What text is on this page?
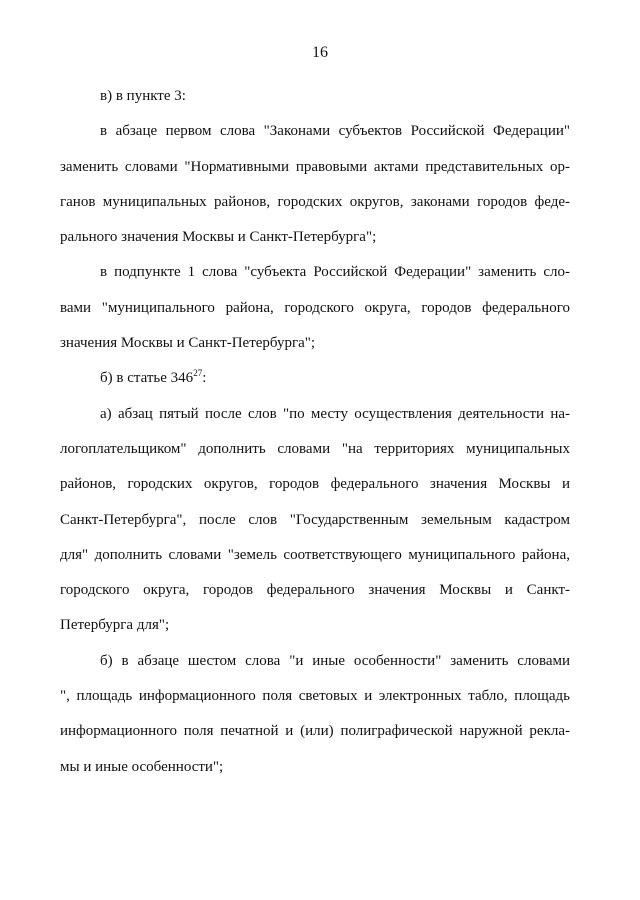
16
в) в пункте 3:
в абзаце первом слова "Законами субъектов Российской Федерации"
заменить словами "Нормативными правовыми актами представительных ор-
ганов муниципальных районов, городских округов, законами городов феде-
рального значения Москвы и Санкт-Петербурга";
в подпункте 1 слова "субъекта Российской Федерации" заменить сло-
вами "муниципального района, городского округа, городов федерального
значения Москвы и Санкт-Петербурга";
б) в статье $346^{27}$:
а) абзац пятый после слов "по месту осуществления деятельности на-
логоплательщиком" дополнить словами "на территориях муниципальных
районов, городских округов, городов федерального значения Москвы и
Санкт-Петербурга", после слов "Государственным земельным кадастром
для" дополнить словами "земель соответствующего муниципального района,
городского округа, городов федерального значения Москвы и Санкт-
Петербурга для";
б) в абзаце шестом слова "и иные особенности" заменить словами
", площадь информационного поля световых и электронных табло, площадь
информационного поля печатной и (или) полиграфической наружной рекла-
мы и иные особенности";
